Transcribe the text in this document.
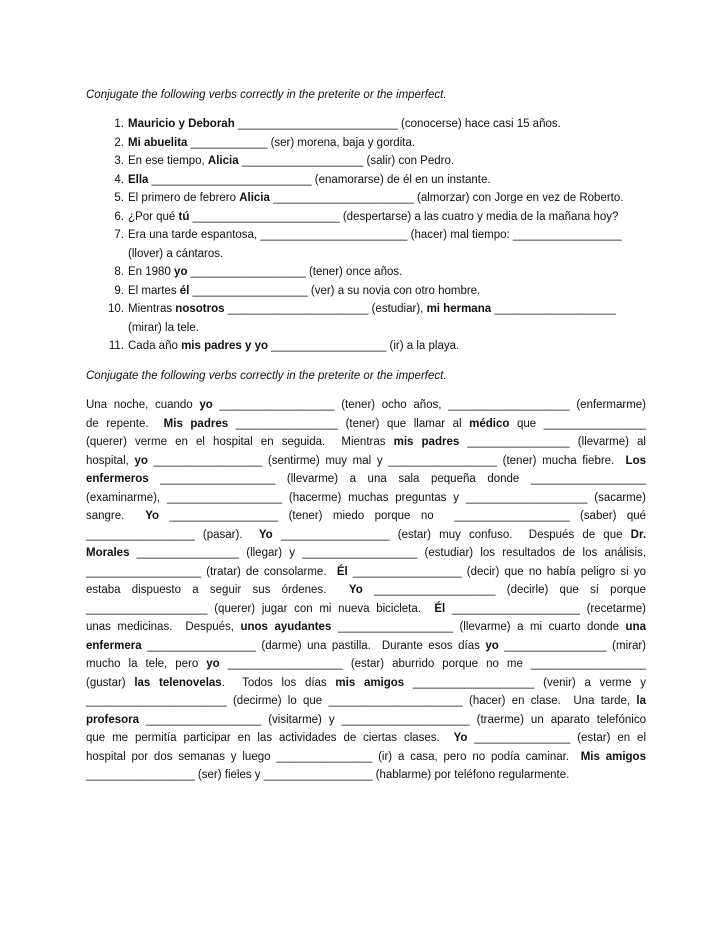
Conjugate the following verbs correctly in the preterite or the imperfect.
1. Mauricio y Deborah _________________________ (conocerse) hace casi 15 años.
2. Mi abuelita ____________ (ser) morena, baja y gordita.
3. En ese tiempo, Alicia ___________________ (salir) con Pedro.
4. Ella _________________________ (enamorarse) de él en un instante.
5. El primero de febrero Alicia ______________________ (almorzar) con Jorge en vez de Roberto.
6. ¿Por qué tú _______________________ (despertarse) a las cuatro y media de la mañana hoy?
7. Era una tarde espantosa, _______________________ (hacer) mal tiempo: _________________
(llover) a cántaros.
8. En 1980 yo __________________ (tener) once años.
9. El martes él __________________ (ver) a su novia con otro hombre.
10. Mientras nosotros ______________________ (estudiar), mi hermana ___________________
(mirar) la tele.
11. Cada año mis padres y yo __________________ (ir) a la playa.
Conjugate the following verbs correctly in the preterite or the imperfect.
Una noche, cuando yo __________________ (tener) ocho años, ___________________ (enfermarme)
de repente.  Mis padres ________________ (tener) que llamar al médico que ________________
(querer) verme en el hospital en seguida.  Mientras mis padres ________________ (llevarme) al
hospital, yo _________________ (sentirme) muy mal y _________________ (tener) mucha fiebre.  Los
enfermeros __________________ (llevarme) a una sala pequeña donde __________________
(examinarme), __________________ (hacerme) muchas preguntas y ___________________ (sacarme)
sangre.  Yo _________________ (tener) miedo porque no  __________________ (saber) qué
_________________ (pasar).  Yo _________________ (estar) muy confuso.  Después de que Dr.
Morales ________________ (llegar) y __________________ (estudiar) los resultados de los análisis,
__________________ (tratar) de consolarme.  Él _________________ (decir) que no había peligro si yo
estaba dispuesto a seguir sus órdenes.  Yo ___________________ (decirle) que sí porque
___________________ (querer) jugar con mi nueva bicicleta.  Él ____________________ (recetarme)
unas medicinas.  Después, unos ayudantes __________________ (llevarme) a mi cuarto donde una
enfermera _________________ (darme) una pastilla.  Durante esos días yo ________________ (mirar)
mucho la tele, pero yo __________________ (estar) aburrido porque no me __________________
(gustar) las telenovelas.  Todos los días mis amigos ___________________ (venir) a verme y
______________________ (decirme) lo que _____________________ (hacer) en clase.  Una tarde, la
profesora __________________ (visitarme) y ____________________ (traerme) un aparato telefónico
que me permitía participar en las actividades de ciertas clases.  Yo _______________ (estar) en el
hospital por dos semanas y luego _______________ (ir) a casa, pero no podía caminar.  Mis amigos
_________________ (ser) fieles y _________________ (hablarme) por teléfono regularmente.
